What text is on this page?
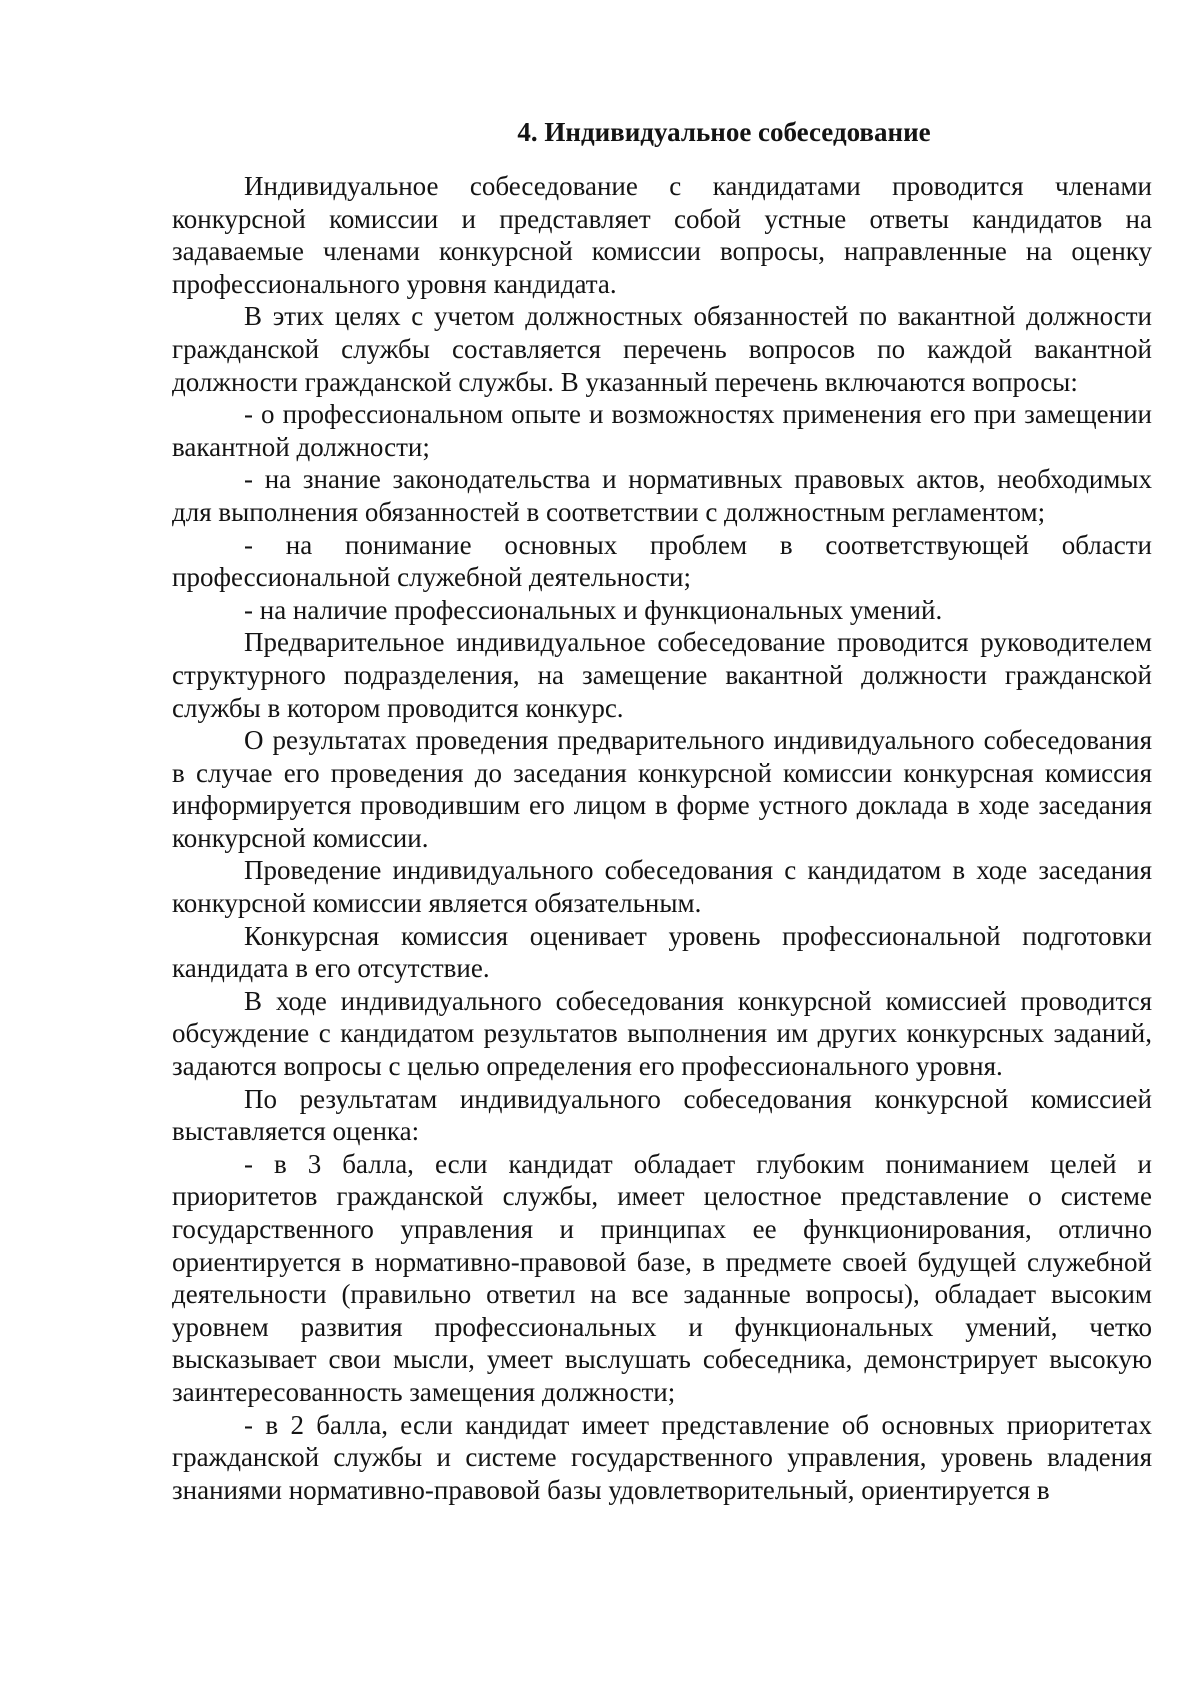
4. Индивидуальное собеседование

Индивидуальное собеседование с кандидатами проводится членами конкурсной комиссии и представляет собой устные ответы кандидатов на задаваемые членами конкурсной комиссии вопросы, направленные на оценку профессионального уровня кандидата.

В этих целях с учетом должностных обязанностей по вакантной должности гражданской службы составляется перечень вопросов по каждой вакантной должности гражданской службы. В указанный перечень включаются вопросы:

- о профессиональном опыте и возможностях применения его при замещении вакантной должности;

- на знание законодательства и нормативных правовых актов, необходимых для выполнения обязанностей в соответствии с должностным регламентом;

- на понимание основных проблем в соответствующей области профессиональной служебной деятельности;

- на наличие профессиональных и функциональных умений.

Предварительное индивидуальное собеседование проводится руководителем структурного подразделения, на замещение вакантной должности гражданской службы в котором проводится конкурс.

О результатах проведения предварительного индивидуального собеседования в случае его проведения до заседания конкурсной комиссии конкурсная комиссия информируется проводившим его лицом в форме устного доклада в ходе заседания конкурсной комиссии.

Проведение индивидуального собеседования с кандидатом в ходе заседания конкурсной комиссии является обязательным.

Конкурсная комиссия оценивает уровень профессиональной подготовки кандидата в его отсутствие.

В ходе индивидуального собеседования конкурсной комиссией проводится обсуждение с кандидатом результатов выполнения им других конкурсных заданий, задаются вопросы с целью определения его профессионального уровня.

По результатам индивидуального собеседования конкурсной комиссией выставляется оценка:

- в 3 балла, если кандидат обладает глубоким пониманием целей и приоритетов гражданской службы, имеет целостное представление о системе государственного управления и принципах ее функционирования, отлично ориентируется в нормативно-правовой базе, в предмете своей будущей служебной деятельности (правильно ответил на все заданные вопросы), обладает высоким уровнем развития профессиональных и функциональных умений, четко высказывает свои мысли, умеет выслушать собеседника, демонстрирует высокую заинтересованность замещения должности;

- в 2 балла, если кандидат имеет представление об основных приоритетах гражданской службы и системе государственного управления, уровень владения знаниями нормативно-правовой базы удовлетворительный, ориентируется в
